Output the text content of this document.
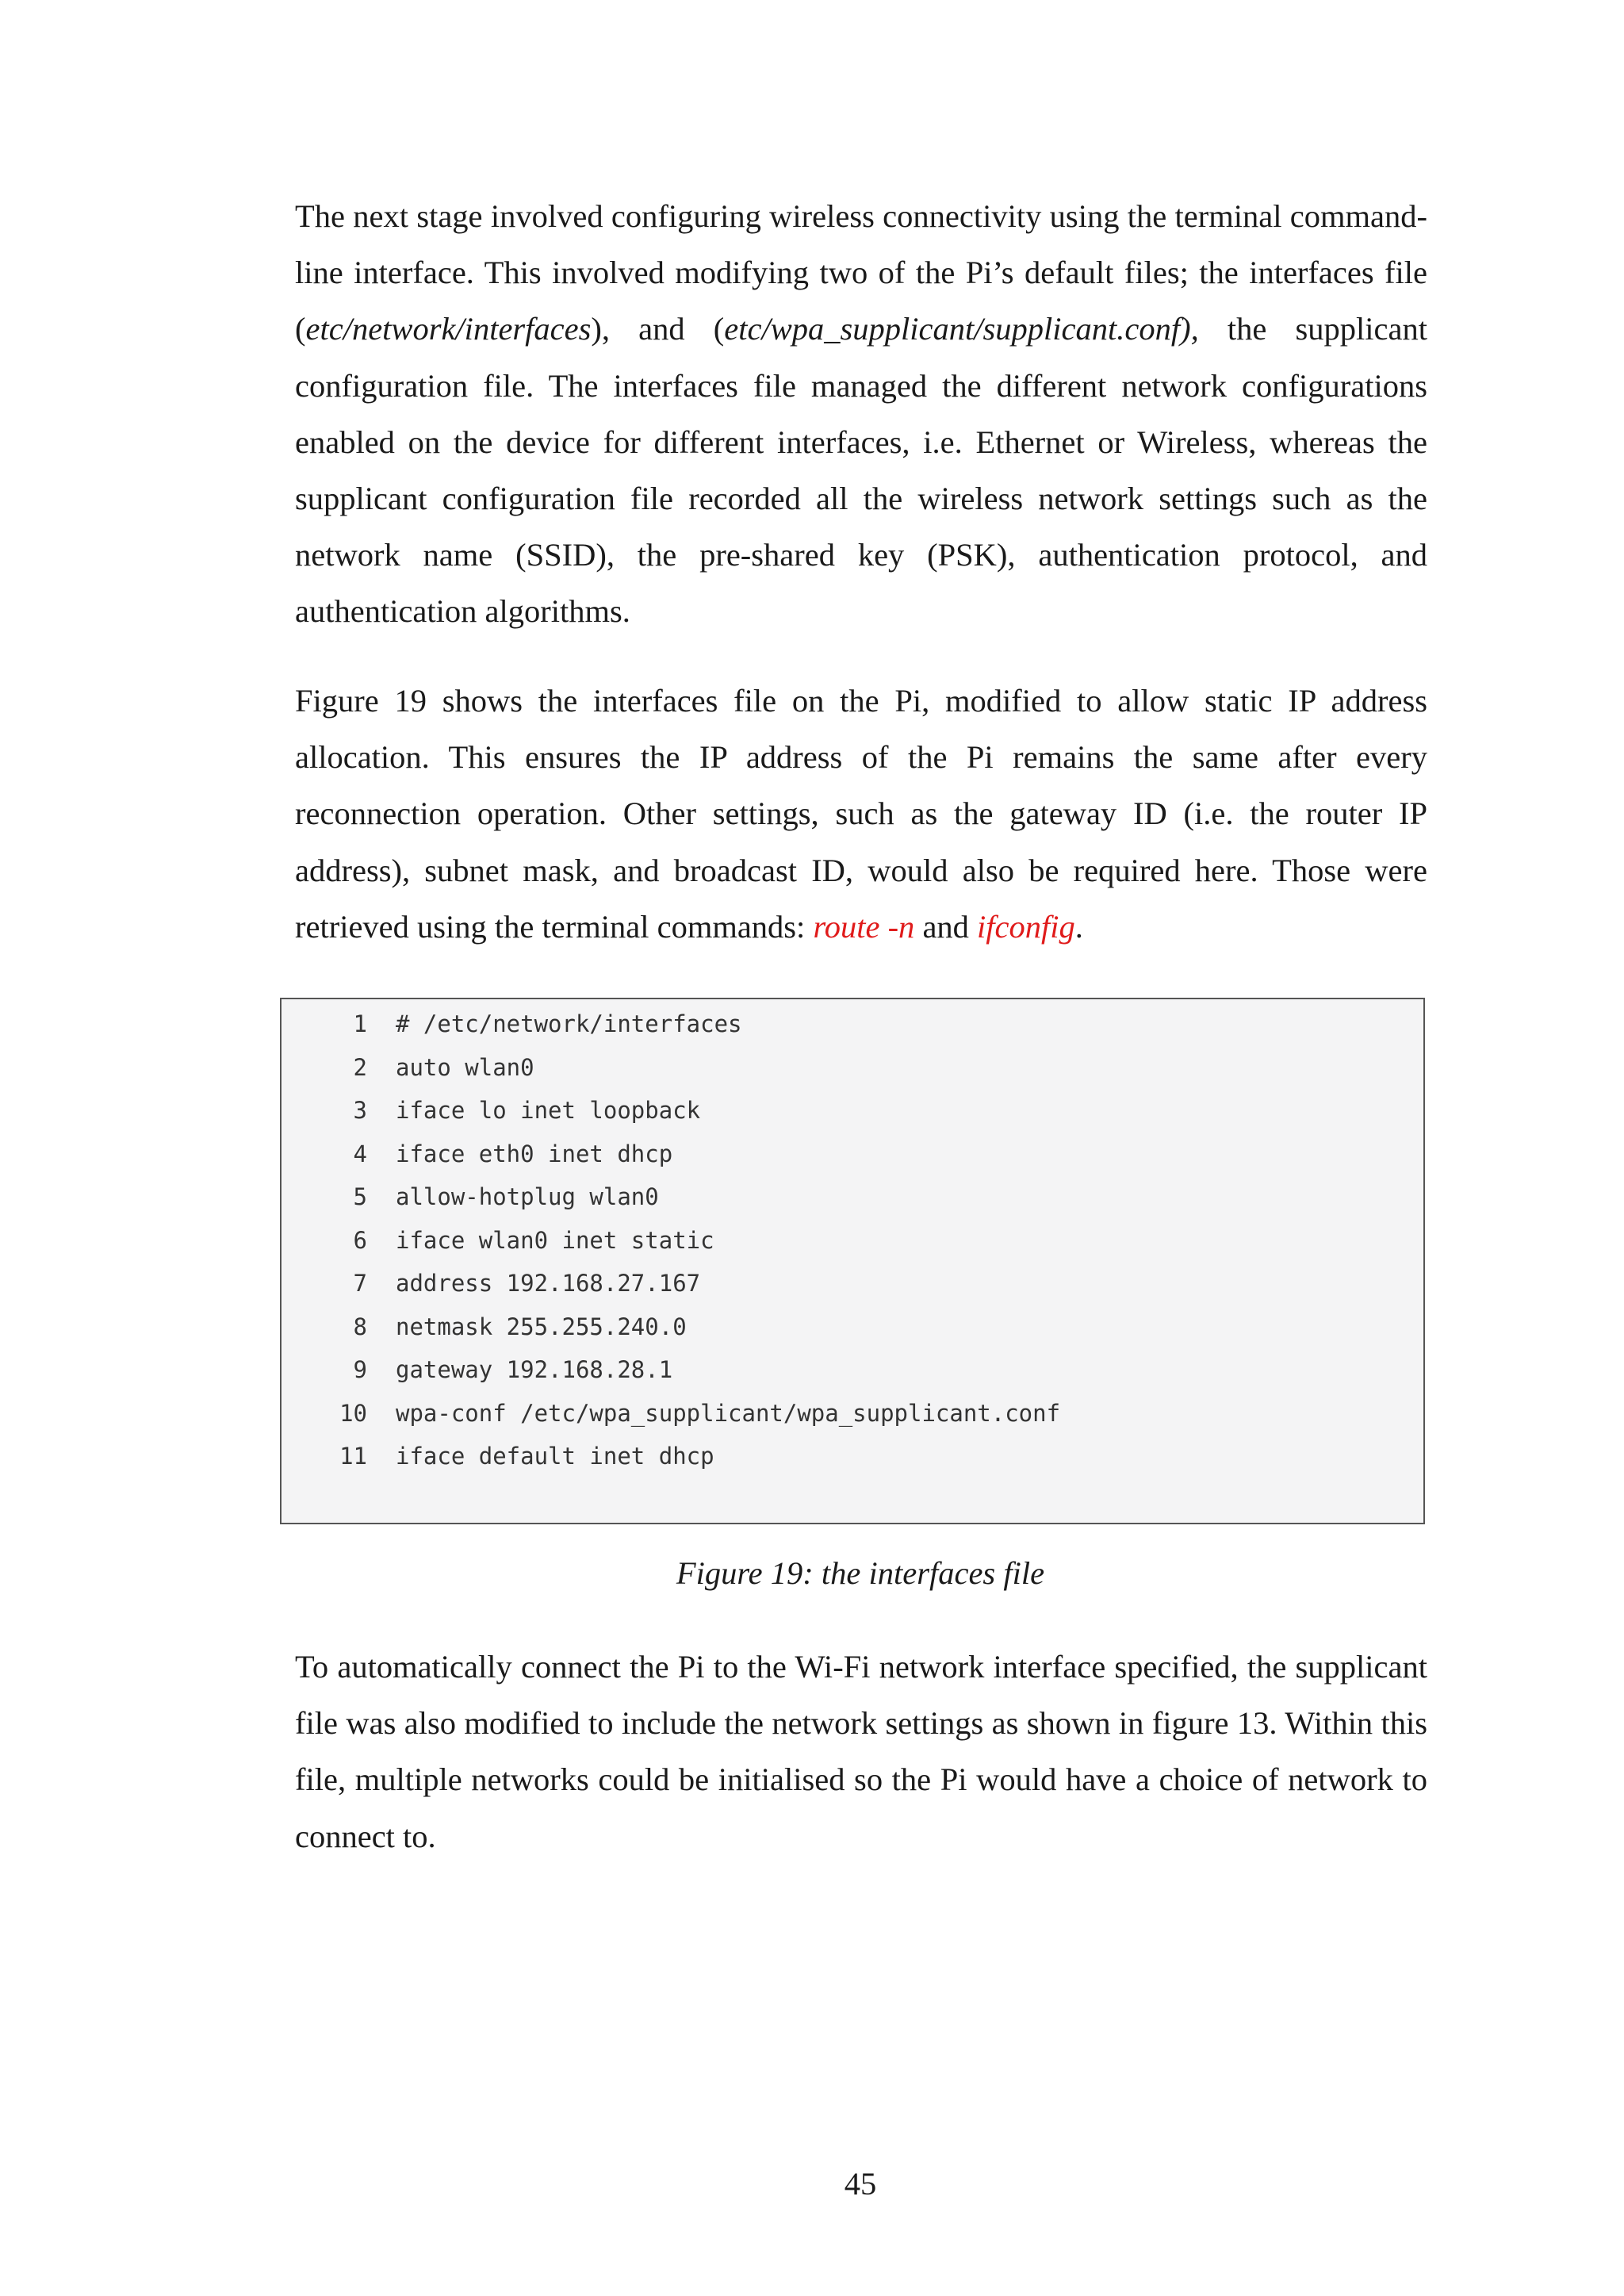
The next stage involved configuring wireless connectivity using the terminal command-line interface. This involved modifying two of the Pi’s default files; the interfaces file (etc/network/interfaces), and (etc/wpa_supplicant/supplicant.conf), the supplicant configuration file. The interfaces file managed the different network configurations enabled on the device for different interfaces, i.e. Ethernet or Wireless, whereas the supplicant configuration file recorded all the wireless network settings such as the network name (SSID), the pre-shared key (PSK), authentication protocol, and authentication algorithms.

Figure 19 shows the interfaces file on the Pi, modified to allow static IP address allocation. This ensures the IP address of the Pi remains the same after every reconnection operation. Other settings, such as the gateway ID (i.e. the router IP address), subnet mask, and broadcast ID, would also be required here. Those were retrieved using the terminal commands: route -n and ifconfig.

1 # /etc/network/interfaces
2 auto wlan0
3 iface lo inet loopback
4 iface eth0 inet dhcp
5 allow-hotplug wlan0
6 iface wlan0 inet static
7 address 192.168.27.167
8 netmask 255.255.240.0
9 gateway 192.168.28.1
10 wpa-conf /etc/wpa_supplicant/wpa_supplicant.conf
11 iface default inet dhcp

Figure 19: the interfaces file

To automatically connect the Pi to the Wi-Fi network interface specified, the supplicant file was also modified to include the network settings as shown in figure 13. Within this file, multiple networks could be initialised so the Pi would have a choice of network to connect to.

45
